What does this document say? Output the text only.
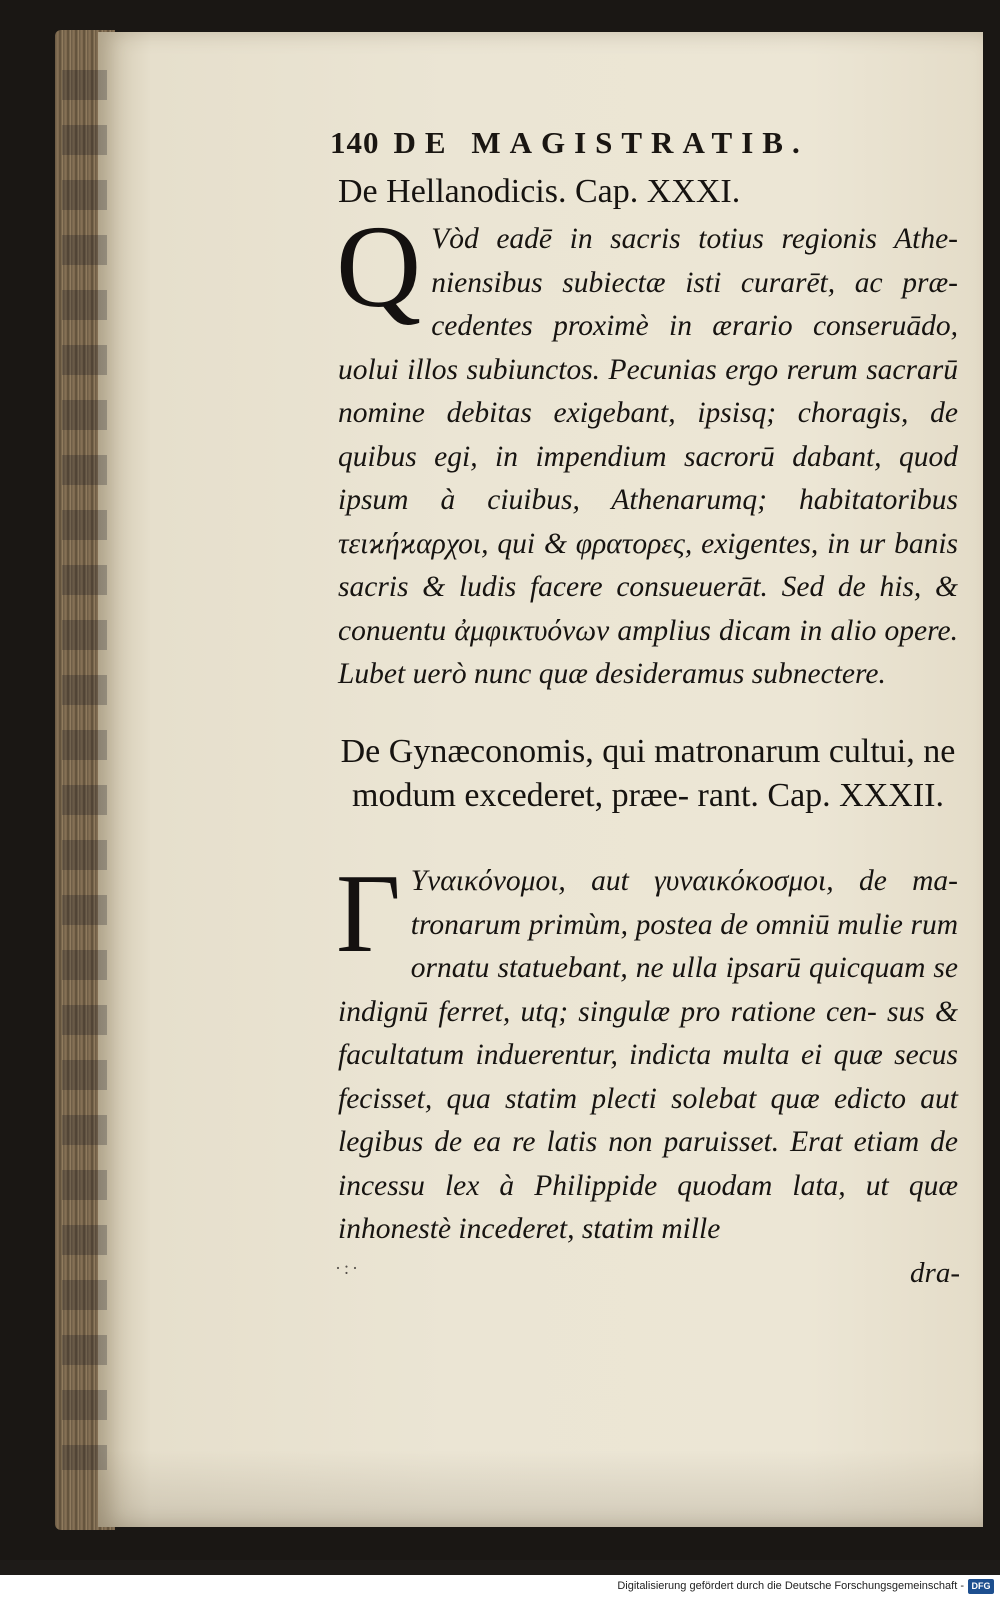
140 DE MAGISTRATIB.
De Hellanodicis. Cap. XXXI.
Q Vòd eadē in sacris totius regionis Athe- niensibus subiectæ isti curarēt, ac præ- cedentes proximè in ærario conseruādo, uolui illos subiunctos. Pecunias ergo rerum sacrarū nomine debitas exigebant, ipsisq; choragis, de quibus egi, in impendium sacrorū dabant, quod ipsum à ciuibus, Athenarumq; habitatoribus τειϰήϰαρχοι, qui & φρατορες, exigentes, in ur banis sacris & ludis facere consueuerāt. Sed de his, & conuentu ἀμφικτυόνων amplius dicam in alio opere. Lubet uerò nunc quæ desideramus subnectere.

De Gynæconomis, qui matronarum cultui, ne modum excederet, præe- rant. Cap. XXXII.
Γ Υναικόνομοι, aut γυναικόκοσμοι, de ma- tronarum primùm, postea de omniū mulie rum ornatu statuebant, ne ulla ipsarū quicquam se indignū ferret, utq; singulæ pro ratione cen- sus & facultatum induerentur, indicta multa ei quæ secus fecisset, qua statim plecti solebat quæ edicto aut legibus de ea re latis non paruisset. Erat etiam de incessu lex à Philippide quodam lata, ut quæ inhonestè incederet, statim mille

·:·	dra-
Digitalisierung gefördert durch die Deutsche Forschungsgemeinschaft - DFG
